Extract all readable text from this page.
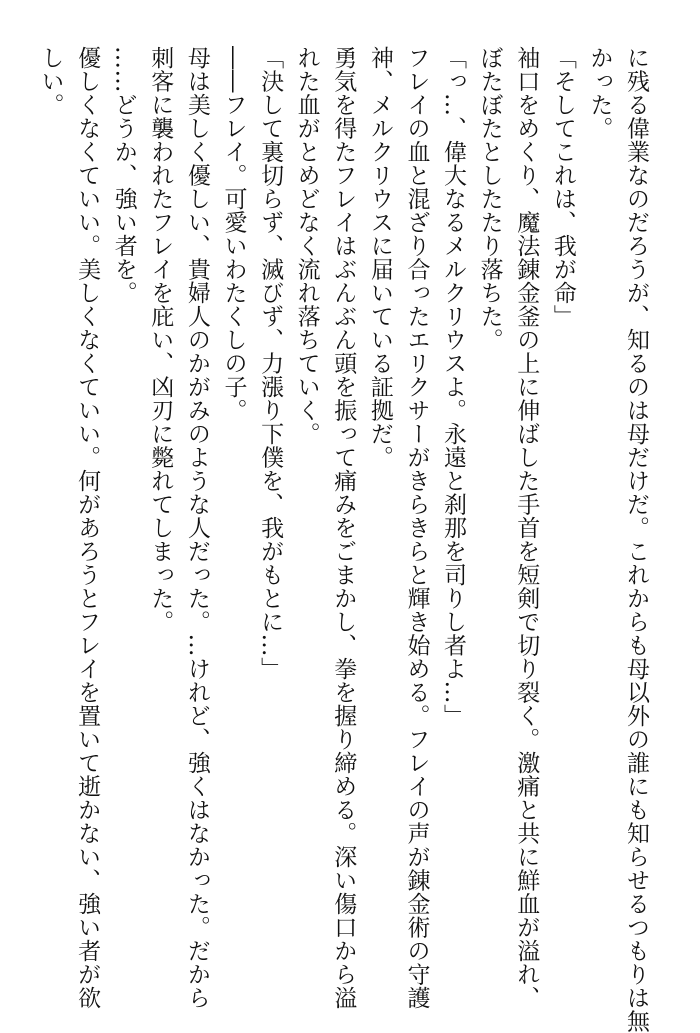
に残る偉業なのだろうが、知るのは母だけだ。これからも母以外の誰にも知らせるつもりは無
かった。
「そしてこれは、我が命」
袖口をめくり、魔法錬金釜の上に伸ばした手首を短剣で切り裂く。激痛と共に鮮血が溢れ、
ぼたぼたとしたたり落ちた。
「っ…、偉大なるメルクリウスよ。永遠と刹那を司りし者よ…」
フレイの血と混ざり合ったエリクサーがきらきらと輝き始める。フレイの声が錬金術の守護
神、メルクリウスに届いている証拠だ。
勇気を得たフレイはぶんぶん頭を振って痛みをごまかし、拳を握り締める。深い傷口から溢
れた血がとめどなく流れ落ちていく。
「決して裏切らず、滅びず、力漲り下僕を、我がもとに…」
――フレイ。可愛いわたくしの子。
母は美しく優しい、貴婦人のかがみのような人だった。…けれど、強くはなかった。だから
刺客に襲われたフレイを庇い、凶刃に斃れてしまった。
……どうか、強い者を。
優しくなくていい。美しくなくていい。何があろうとフレイを置いて逝かない、強い者が欲
しい。
